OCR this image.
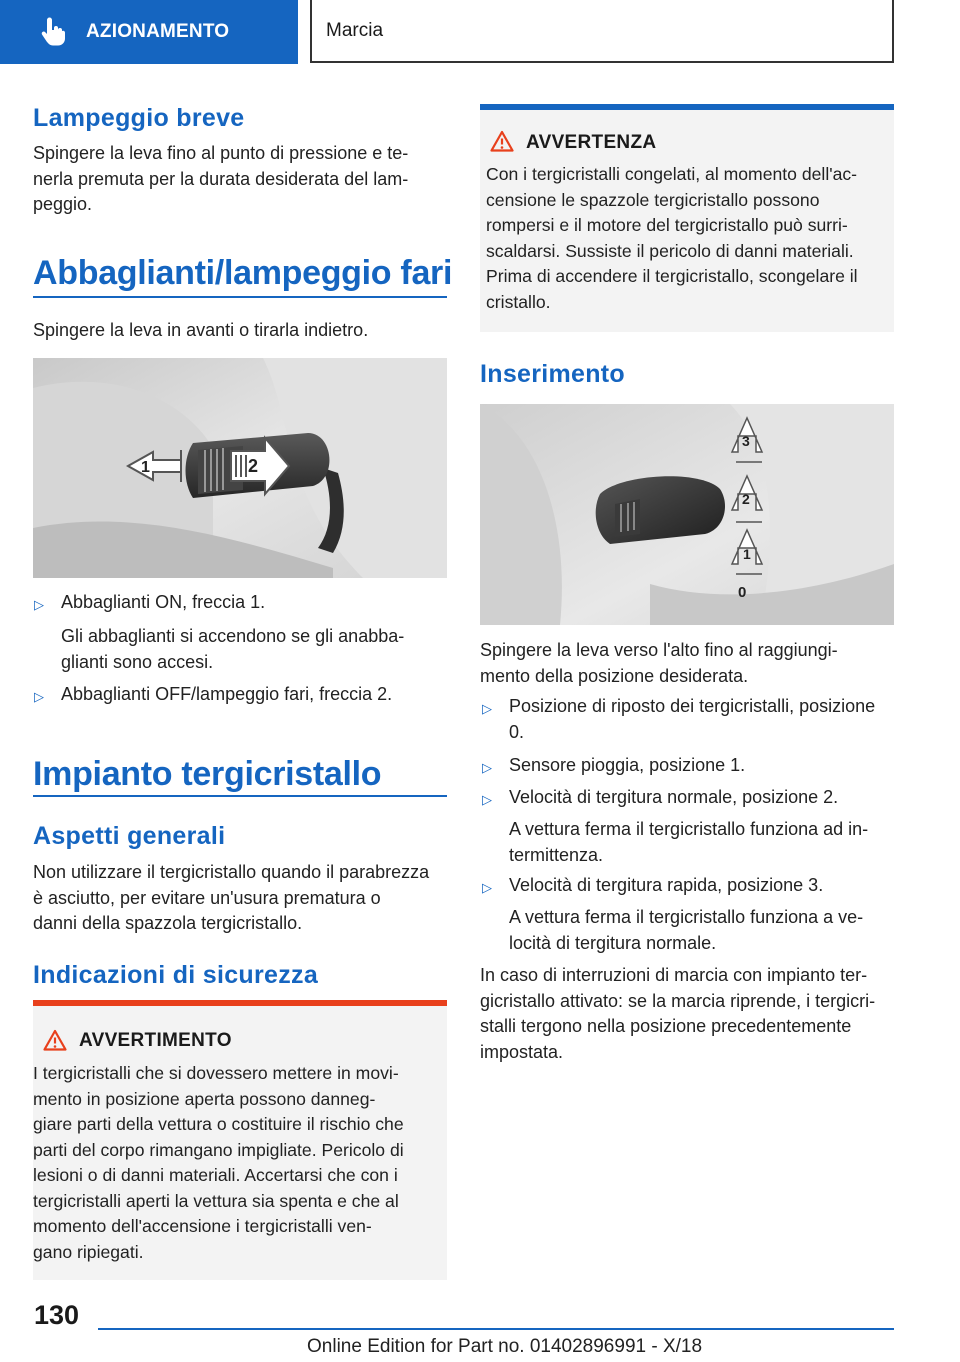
AZIONAMENTO	Marcia
Lampeggio breve
Spingere la leva fino al punto di pressione e te-
nerla premuta per la durata desiderata del lam-
peggio.
Abbaglianti/lampeggio fari
Spingere la leva in avanti o tirarla indietro.
1	2
▷ Abbaglianti ON, freccia 1.
Gli abbaglianti si accendono se gli anabba-
glianti sono accesi.
▷ Abbaglianti OFF/lampeggio fari, freccia 2.
Impianto tergicristallo
Aspetti generali
Non utilizzare il tergicristallo quando il parabrezza
è asciutto, per evitare un'usura prematura o
danni della spazzola tergicristallo.
Indicazioni di sicurezza
AVVERTIMENTO
I tergicristalli che si dovessero mettere in movi-
mento in posizione aperta possono danneg-
giare parti della vettura o costituire il rischio che
parti del corpo rimangano impigliate. Pericolo di
lesioni o di danni materiali. Accertarsi che con i
tergicristalli aperti la vettura sia spenta e che al
momento dell'accensione i tergicristalli ven-
gano ripiegati.
AVVERTENZA
Con i tergicristalli congelati, al momento dell'ac-
censione le spazzole tergicristallo possono
rompersi e il motore del tergicristallo può surri-
scaldarsi. Sussiste il pericolo di danni materiali.
Prima di accendere il tergicristallo, scongelare il
cristallo.
Inserimento
3
2
1
0
Spingere la leva verso l'alto fino al raggiungi-
mento della posizione desiderata.
▷ Posizione di riposto dei tergicristalli, posizione
0.
▷ Sensore pioggia, posizione 1.
▷ Velocità di tergitura normale, posizione 2.
A vettura ferma il tergicristallo funziona ad in-
termittenza.
▷ Velocità di tergitura rapida, posizione 3.
A vettura ferma il tergicristallo funziona a ve-
locità di tergitura normale.
In caso di interruzioni di marcia con impianto ter-
gicristallo attivato: se la marcia riprende, i tergicri-
stalli tergono nella posizione precedentemente
impostata.
130
Online Edition for Part no. 01402896991 - X/18
